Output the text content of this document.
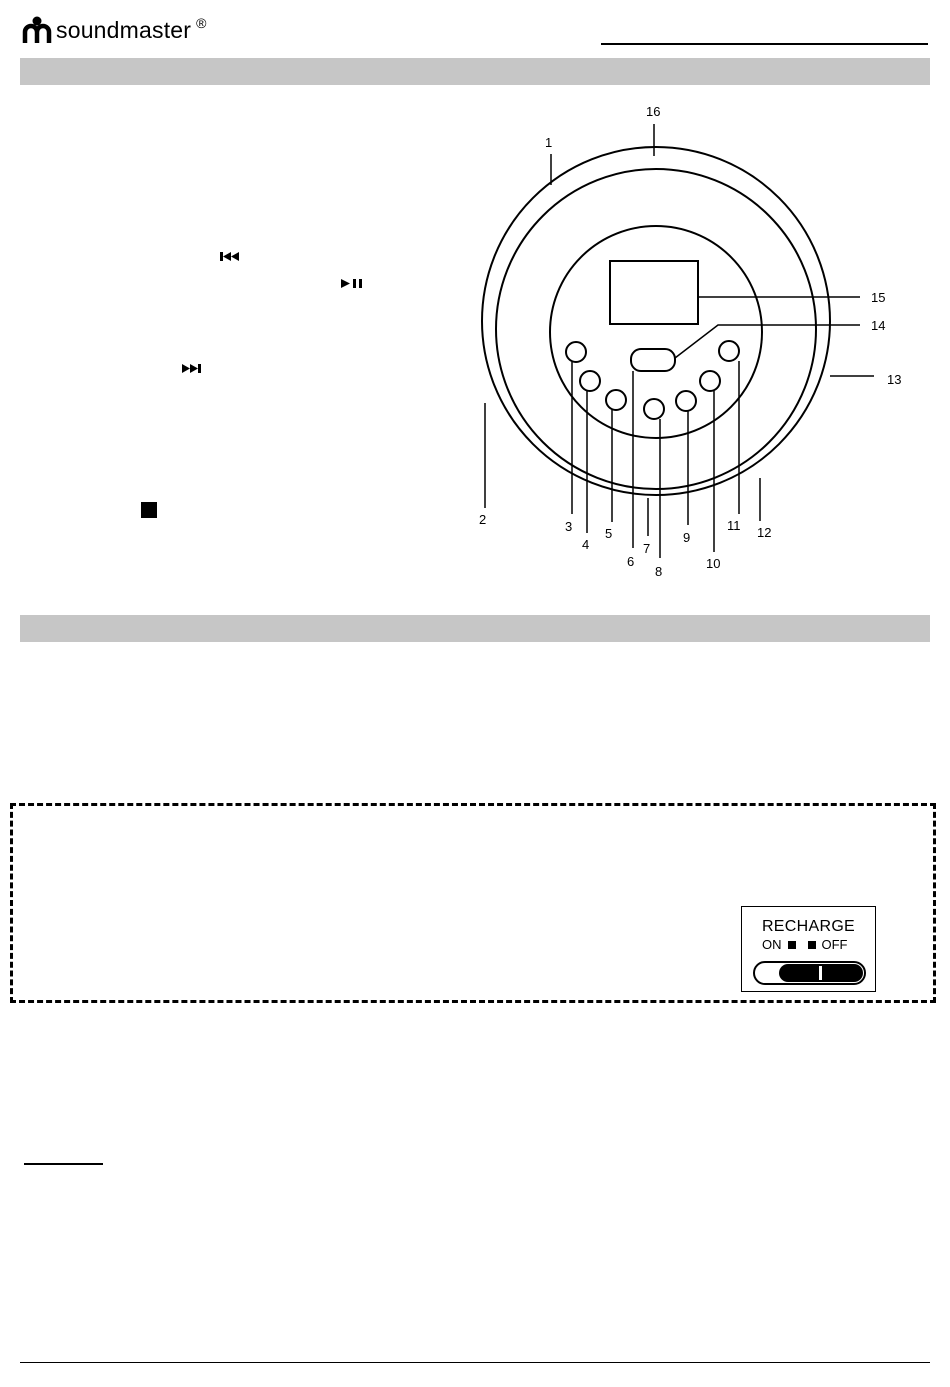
soundmaster ®
1
2	3
4
5
6
7
8
9
10
11 12
13
14
15
16
RECHARGE
ON	OFF
